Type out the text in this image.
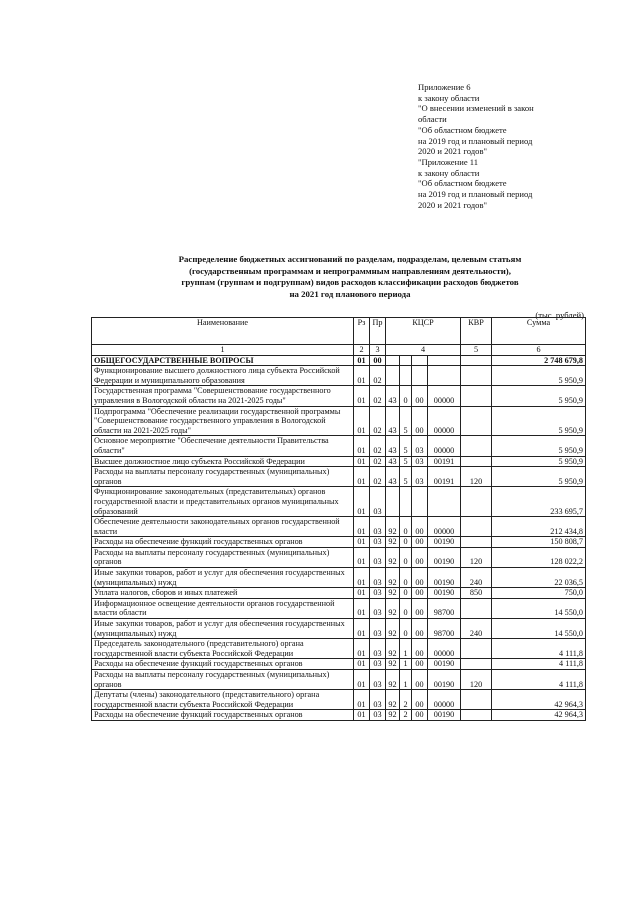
Приложение 6
к закону области
"О внесении изменений в закон
области
"Об областном бюджете
на 2019 год и плановый период
2020 и 2021 годов"
"Приложение 11
к закону области
"Об областном бюджете
на 2019 год и плановый период
2020 и 2021 годов"
Распределение бюджетных ассигнований по разделам, подразделам, целевым статьям
(государственным программам и непрограммным направлениям деятельности),
группам (группам и подгруппам) видов расходов классификации расходов бюджетов
на 2021 год планового периода
(тыс. рублей)
Наименование	Рз	Пр	КЦСР				КВР	Сумма
1	2	3	4				5	6
ОБЩЕГОСУДАРСТВЕННЫЕ ВОПРОСЫ	01	00						2 748 679,8
Функционирование высшего должностного лица субъекта Российской Федерации и муниципального образования	01	02						5 950,9
Государственная программа "Совершенствование государственного управления в Вологодской области на 2021-2025 годы"	01	02	43	0	00	00000		5 950,9
Подпрограмма "Обеспечение реализации государственной программы "Совершенствование государственного управления в Вологодской области на 2021-2025 годы"	01	02	43	5	00	00000		5 950,9
Основное мероприятие "Обеспечение деятельности Правительства области"	01	02	43	5	03	00000		5 950,9
Высшее должностное лицо субъекта Российской Федерации	01	02	43	5	03	00191		5 950,9
Расходы на выплаты персоналу государственных (муниципальных) органов	01	02	43	5	03	00191	120	5 950,9
Функционирование законодательных (представительных) органов государственной власти и представительных органов муниципальных образований	01	03						233 695,7
Обеспечение деятельности законодательных органов государственной власти	01	03	92	0	00	00000		212 434,8
Расходы на обеспечение функций государственных органов	01	03	92	0	00	00190		150 808,7
Расходы на выплаты персоналу государственных (муниципальных) органов	01	03	92	0	00	00190	120	128 022,2
Иные закупки товаров, работ и услуг для обеспечения государственных (муниципальных) нужд	01	03	92	0	00	00190	240	22 036,5
Уплата налогов, сборов и иных платежей	01	03	92	0	00	00190	850	750,0
Информационное освещение деятельности органов государственной власти области	01	03	92	0	00	98700		14 550,0
Иные закупки товаров, работ и услуг для обеспечения государственных (муниципальных) нужд	01	03	92	0	00	98700	240	14 550,0
Председатель законодательного (представительного) органа государственной власти субъекта Российской Федерации	01	03	92	1	00	00000		4 111,8
Расходы на обеспечение функций государственных органов	01	03	92	1	00	00190		4 111,8
Расходы на выплаты персоналу государственных (муниципальных) органов	01	03	92	1	00	00190	120	4 111,8
Депутаты (члены) законодательного (представительного) органа государственной власти субъекта Российской Федерации	01	03	92	2	00	00000		42 964,3
Расходы на обеспечение функций государственных органов	01	03	92	2	00	00190		42 964,3
